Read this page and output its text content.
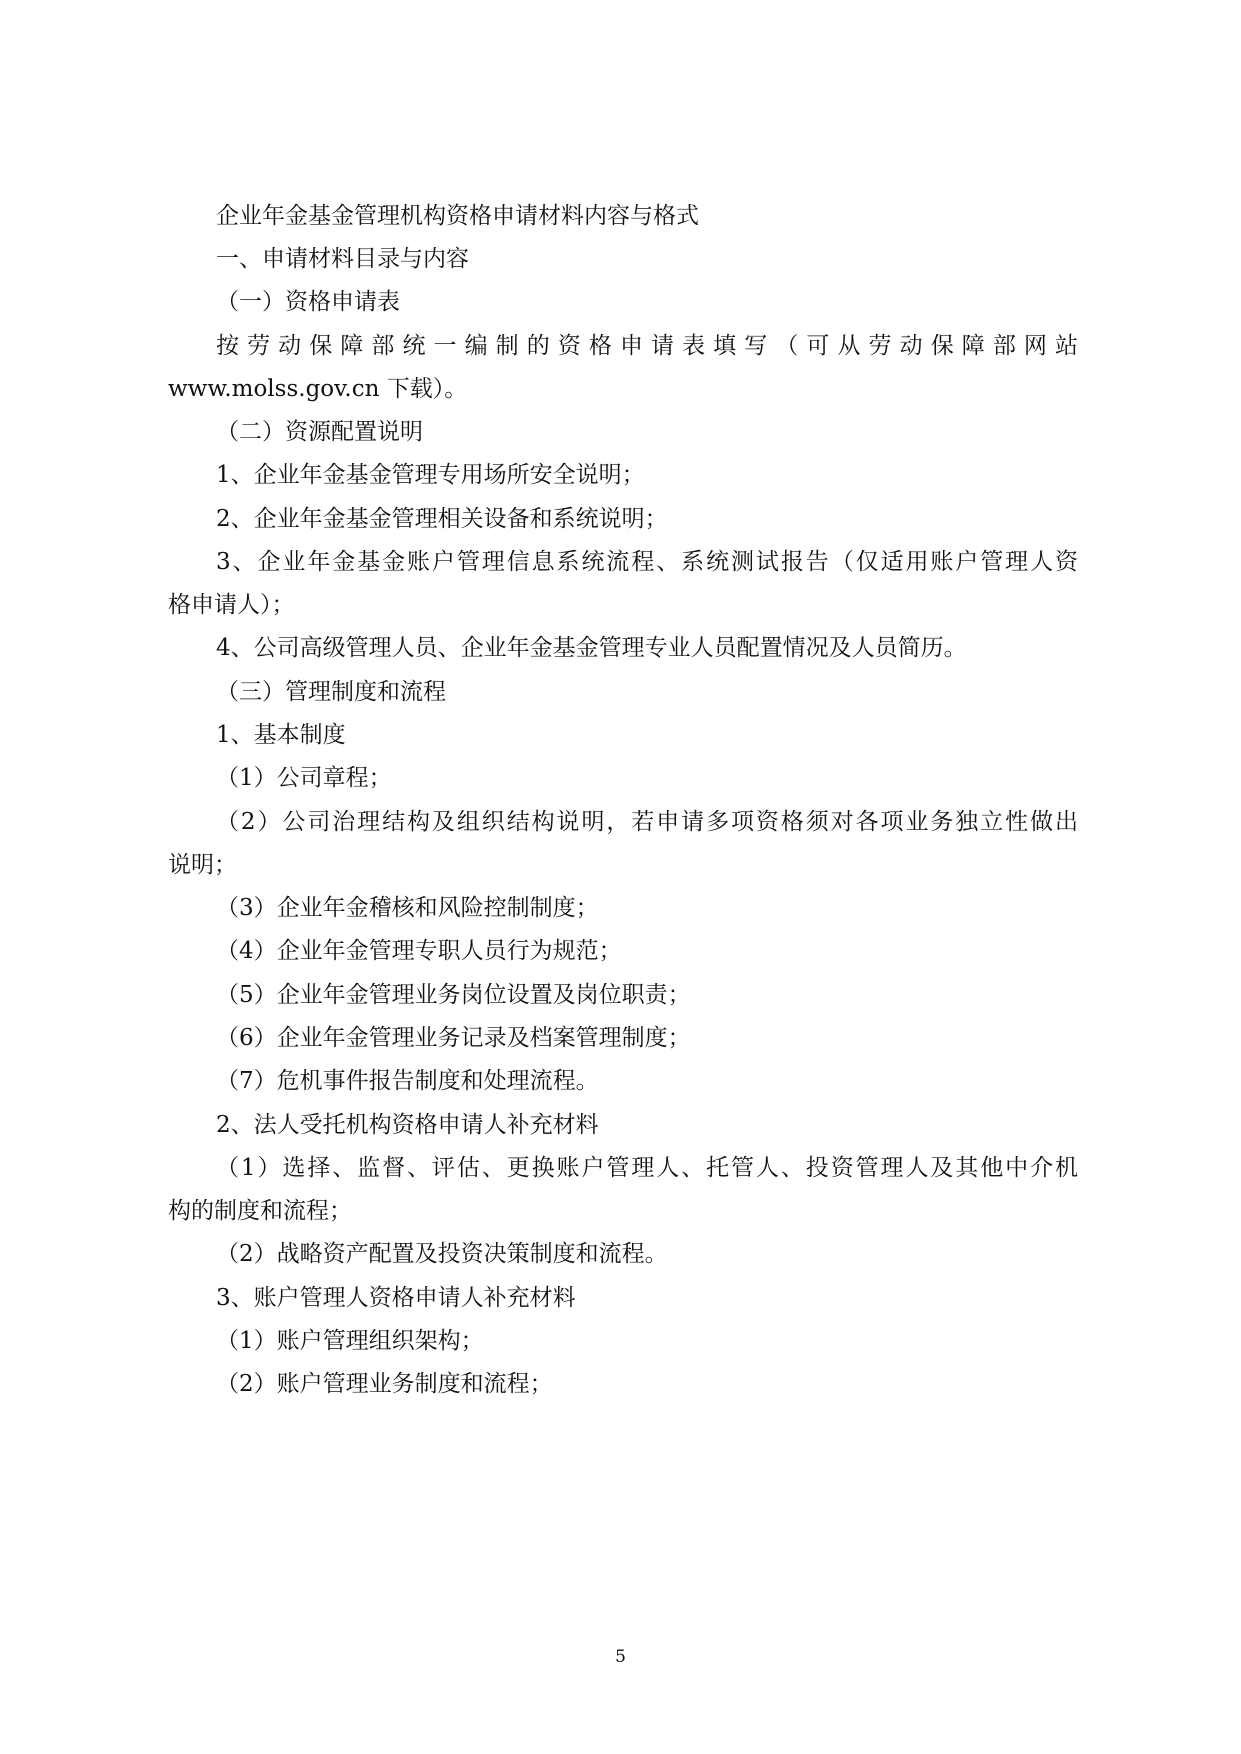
企业年金基金管理机构资格申请材料内容与格式
一、申请材料目录与内容
（一）资格申请表
按劳动保障部统一编制的资格申请表填写（可从劳动保障部网站
www.molss.gov.cn 下载）。
（二）资源配置说明
1、企业年金基金管理专用场所安全说明；
2、企业年金基金管理相关设备和系统说明；
3、企业年金基金账户管理信息系统流程、系统测试报告（仅适用账户管理人资
格申请人）；
4、公司高级管理人员、企业年金基金管理专业人员配置情况及人员简历。
（三）管理制度和流程
1、基本制度
（1）公司章程；
（2）公司治理结构及组织结构说明，若申请多项资格须对各项业务独立性做出
说明；
（3）企业年金稽核和风险控制制度；
（4）企业年金管理专职人员行为规范；
（5）企业年金管理业务岗位设置及岗位职责；
（6）企业年金管理业务记录及档案管理制度；
（7）危机事件报告制度和处理流程。
2、法人受托机构资格申请人补充材料
（1）选择、监督、评估、更换账户管理人、托管人、投资管理人及其他中介机
构的制度和流程；
（2）战略资产配置及投资决策制度和流程。
3、账户管理人资格申请人补充材料
（1）账户管理组织架构；
（2）账户管理业务制度和流程；
5
